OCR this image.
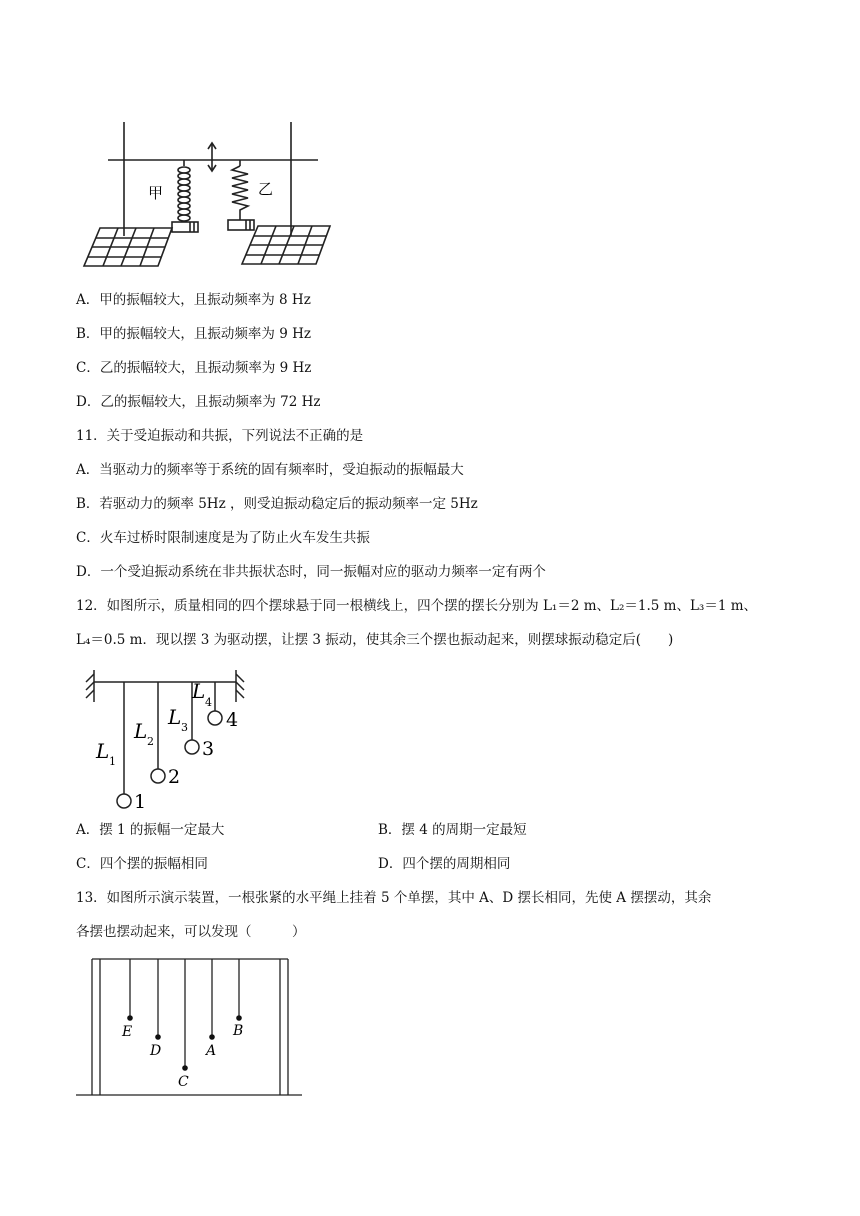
甲	乙
A．甲的振幅较大，且振动频率为 8 Hz
B．甲的振幅较大，且振动频率为 9 Hz
C．乙的振幅较大，且振动频率为 9 Hz
D．乙的振幅较大，且振动频率为 72 Hz
11．关于受迫振动和共振，下列说法不正确的是
A．当驱动力的频率等于系统的固有频率时，受迫振动的振幅最大
B．若驱动力的频率 5Hz ，则受迫振动稳定后的振动频率一定 5Hz
C．火车过桥时限制速度是为了防止火车发生共振
D．一个受迫振动系统在非共振状态时，同一振幅对应的驱动力频率一定有两个
12．如图所示，质量相同的四个摆球悬于同一根横线上，四个摆的摆长分别为 L₁＝2 m、L₂＝1.5 m、L₃＝1 m、
L₄＝0.5 m．现以摆 3 为驱动摆，让摆 3 振动，使其余三个摆也振动起来，则摆球振动稳定后(　　)
L
L
L
L
1
2
3
4
1
2
3
4
A．摆 1 的振幅一定最大	B．摆 4 的周期一定最短
C．四个摆的振幅相同	D．四个摆的周期相同
13．如图所示演示装置，一根张紧的水平绳上挂着 5 个单摆，其中 A、D 摆长相同，先使 A 摆摆动，其余
各摆也摆动起来，可以发现（　　　）
E
D
C
A
B
